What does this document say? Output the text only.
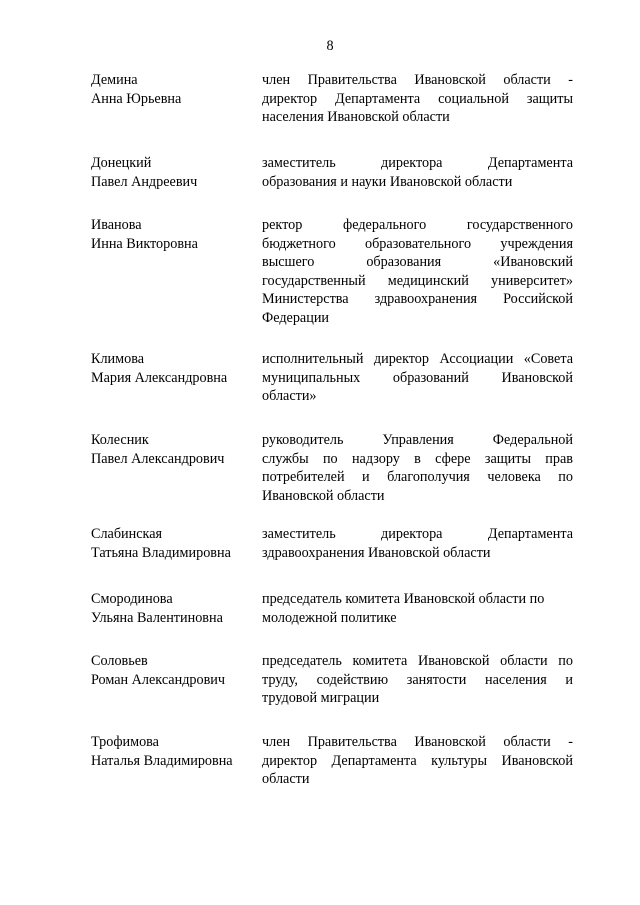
8
Демина
Анна Юрьевна
член Правительства Ивановской области -
директор Департамента социальной защиты
населения Ивановской области
Донецкий
Павел Андреевич
заместитель директора Департамента
образования и науки Ивановской области
Иванова
Инна Викторовна
ректор федерального государственного
бюджетного образовательного учреждения
высшего образования «Ивановский
государственный медицинский университет»
Министерства здравоохранения Российской
Федерации
Климова
Мария Александровна
исполнительный директор Ассоциации «Совета
муниципальных образований Ивановской
области»
Колесник
Павел Александрович
руководитель Управления Федеральной
службы по надзору в сфере защиты прав
потребителей и благополучия человека по
Ивановской области
Слабинская
Татьяна Владимировна
заместитель директора Департамента
здравоохранения Ивановской области
Смородинова
Ульяна Валентиновна
председатель комитета Ивановской области по
молодежной политике
Соловьев
Роман Александрович
председатель комитета Ивановской области по
труду, содействию занятости населения и
трудовой миграции
Трофимова
Наталья Владимировна
член Правительства Ивановской области -
директор Департамента культуры Ивановской
области
